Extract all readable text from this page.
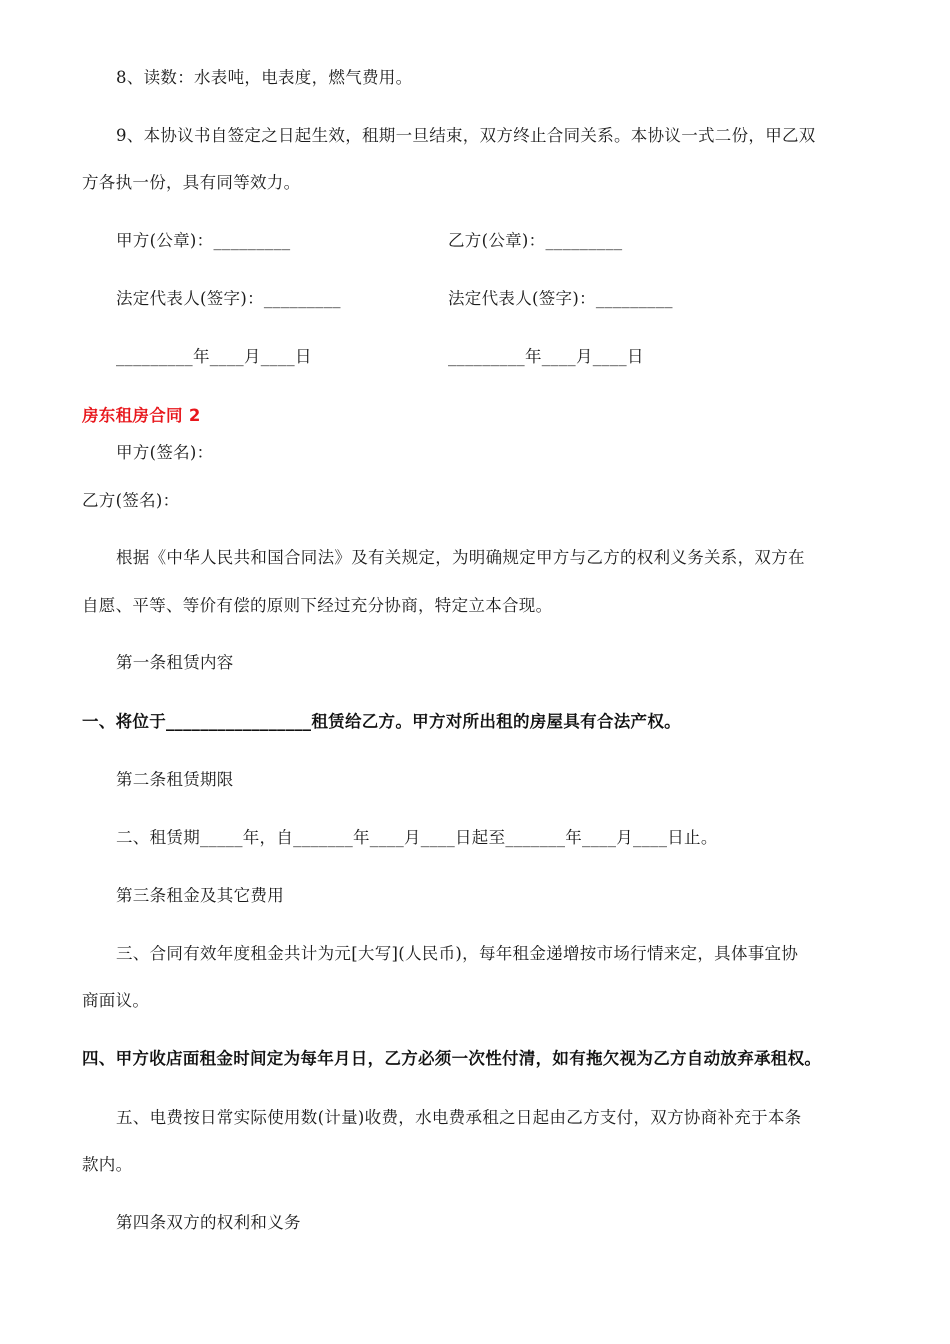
8、读数：水表吨，电表度，燃气费用。
9、本协议书自签定之日起生效，租期一旦结束，双方终止合同关系。本协议一式二份，甲乙双
方各执一份，具有同等效力。
甲方(公章)：_________	乙方(公章)：_________
法定代表人(签字)：_________	法定代表人(签字)：_________
_________年____月____日	_________年____月____日
房东租房合同 2
甲方(签名)：
乙方(签名)：
根据《中华人民共和国合同法》及有关规定，为明确规定甲方与乙方的权利义务关系，双方在
自愿、平等、等价有偿的原则下经过充分协商，特定立本合现。
第一条租赁内容
一、将位于_________________租赁给乙方。甲方对所出租的房屋具有合法产权。
第二条租赁期限
二、租赁期_____年，自_______年____月____日起至_______年____月____日止。
第三条租金及其它费用
三、合同有效年度租金共计为元[大写](人民币)，每年租金递增按市场行情来定，具体事宜协
商面议。
四、甲方收店面租金时间定为每年月日，乙方必须一次性付清，如有拖欠视为乙方自动放弃承租权。
五、电费按日常实际使用数(计量)收费，水电费承租之日起由乙方支付，双方协商补充于本条
款内。
第四条双方的权利和义务
